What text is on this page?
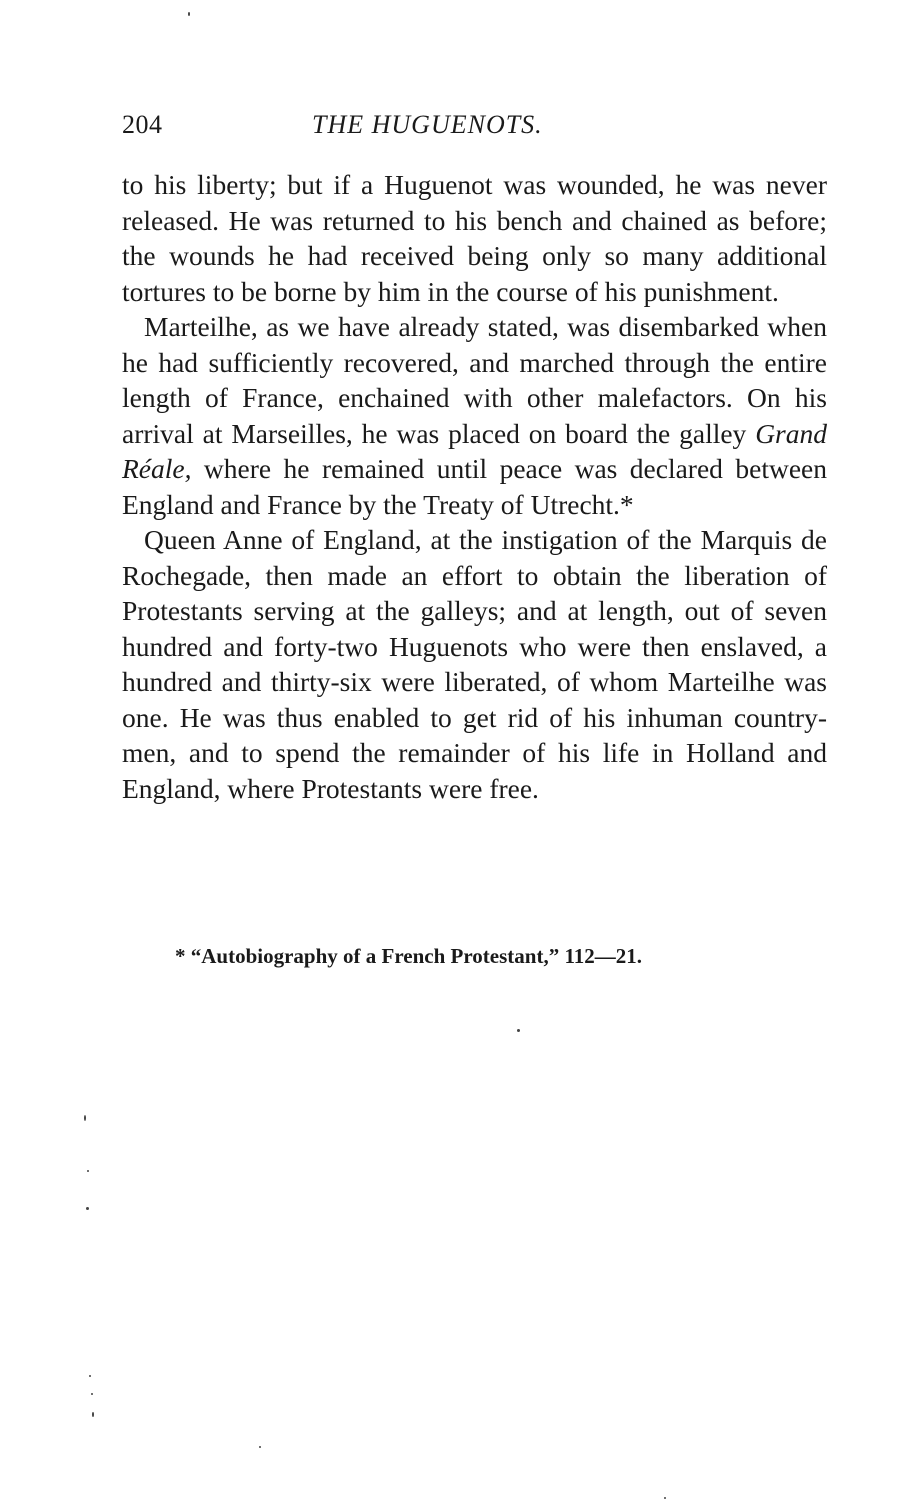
204	THE HUGUENOTS.

to his liberty; but if a Huguenot was wounded, he was never released. He was returned to his bench and chained as before; the wounds he had received being only so many additional tortures to be borne by him in the course of his punishment.

Marteilhe, as we have already stated, was disembarked when he had sufficiently recovered, and marched through the entire length of France, enchained with other malefactors. On his arrival at Marseilles, he was placed on board the galley Grand Réale, where he remained until peace was declared between England and France by the Treaty of Utrecht.*

Queen Anne of England, at the instigation of the Marquis de Rochegade, then made an effort to obtain the liberation of Protestants serving at the galleys; and at length, out of seven hundred and forty-two Huguenots who were then enslaved, a hundred and thirty-six were liberated, of whom Marteilhe was one. He was thus enabled to get rid of his inhuman country-men, and to spend the remainder of his life in Holland and England, where Protestants were free.

* “Autobiography of a French Protestant,” 112—21.
